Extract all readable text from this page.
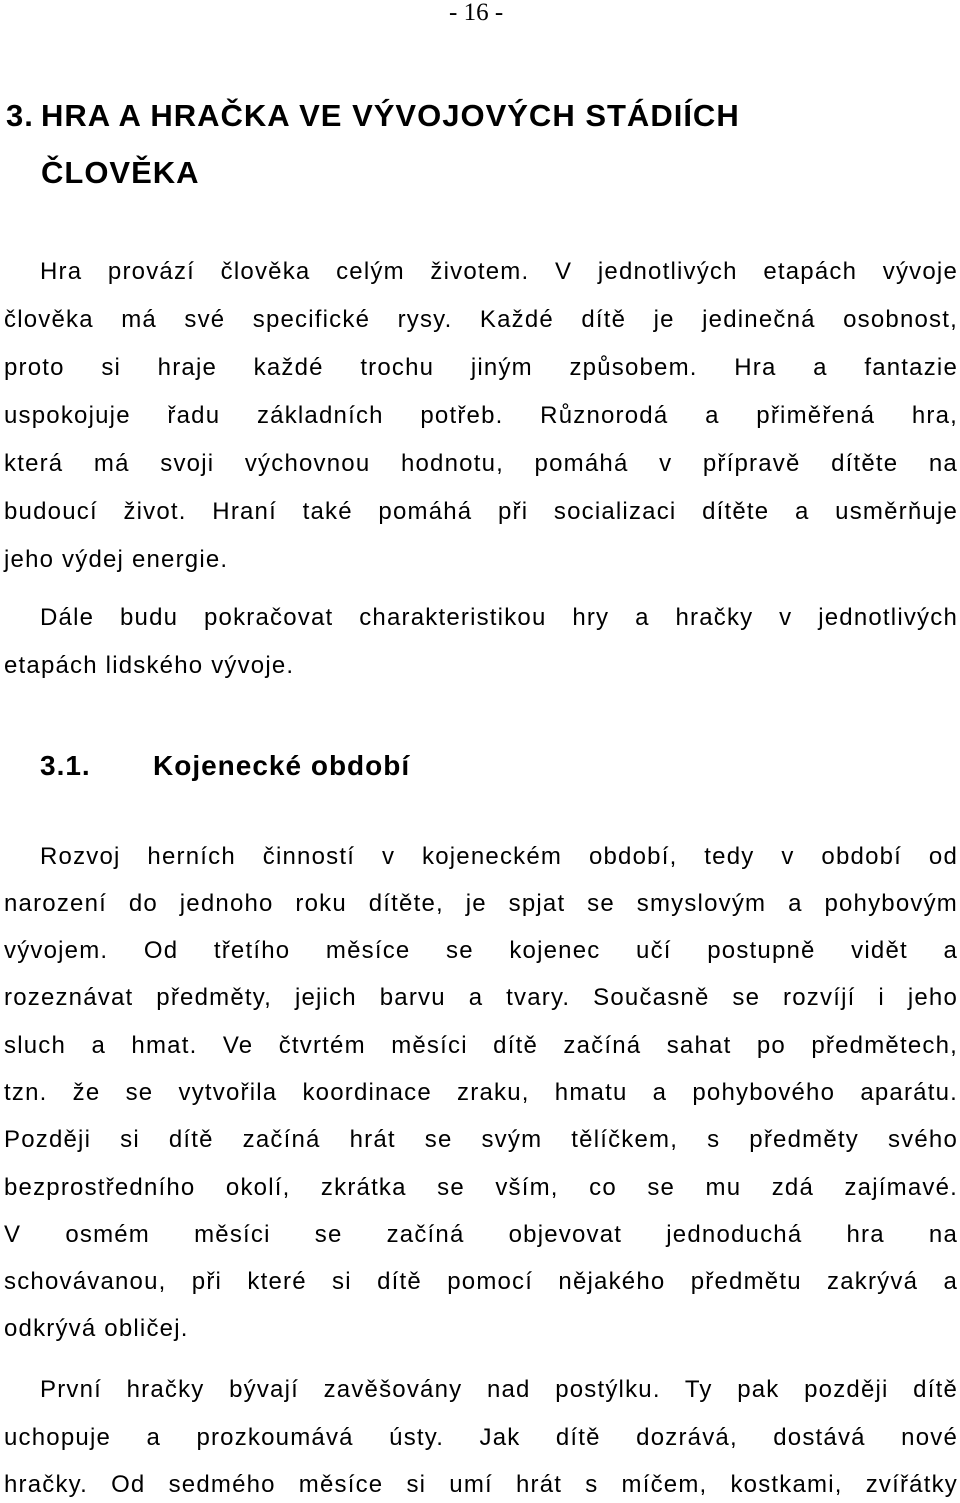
- 16 -
3. HRA A HRAČKA VE VÝVOJOVÝCH STÁDIÍCH
ČLOVĚKA
Hra provází člověka celým životem. V jednotlivých etapách vývoje
člověka má své specifické rysy. Každé dítě je jedinečná osobnost,
proto si hraje každé trochu jiným způsobem. Hra a fantazie
uspokojuje řadu základních potřeb. Různorodá a přiměřená hra,
která má svoji výchovnou hodnotu, pomáhá v přípravě dítěte na
budoucí život. Hraní také pomáhá při socializaci dítěte a usměrňuje
jeho výdej energie.
Dále budu pokračovat charakteristikou hry a hračky v jednotlivých
etapách lidského vývoje.
3.1. Kojenecké období
Rozvoj herních činností v kojeneckém období, tedy v období od
narození do jednoho roku dítěte, je spjat se smyslovým a pohybovým
vývojem. Od třetího měsíce se kojenec učí postupně vidět a
rozeznávat předměty, jejich barvu a tvary. Současně se rozvíjí i jeho
sluch a hmat. Ve čtvrtém měsíci dítě začíná sahat po předmětech,
tzn. že se vytvořila koordinace zraku, hmatu a pohybového aparátu.
Později si dítě začíná hrát se svým tělíčkem, s předměty svého
bezprostředního okolí, zkrátka se vším, co se mu zdá zajímavé.
V osmém měsíci se začíná objevovat jednoduchá hra na
schovávanou, při které si dítě pomocí nějakého předmětu zakrývá a
odkrývá obličej.
První hračky bývají zavěšovány nad postýlku. Ty pak později dítě
uchopuje a prozkoumává ústy. Jak dítě dozrává, dostává nové
hračky. Od sedmého měsíce si umí hrát s míčem, kostkami, zvířátky
